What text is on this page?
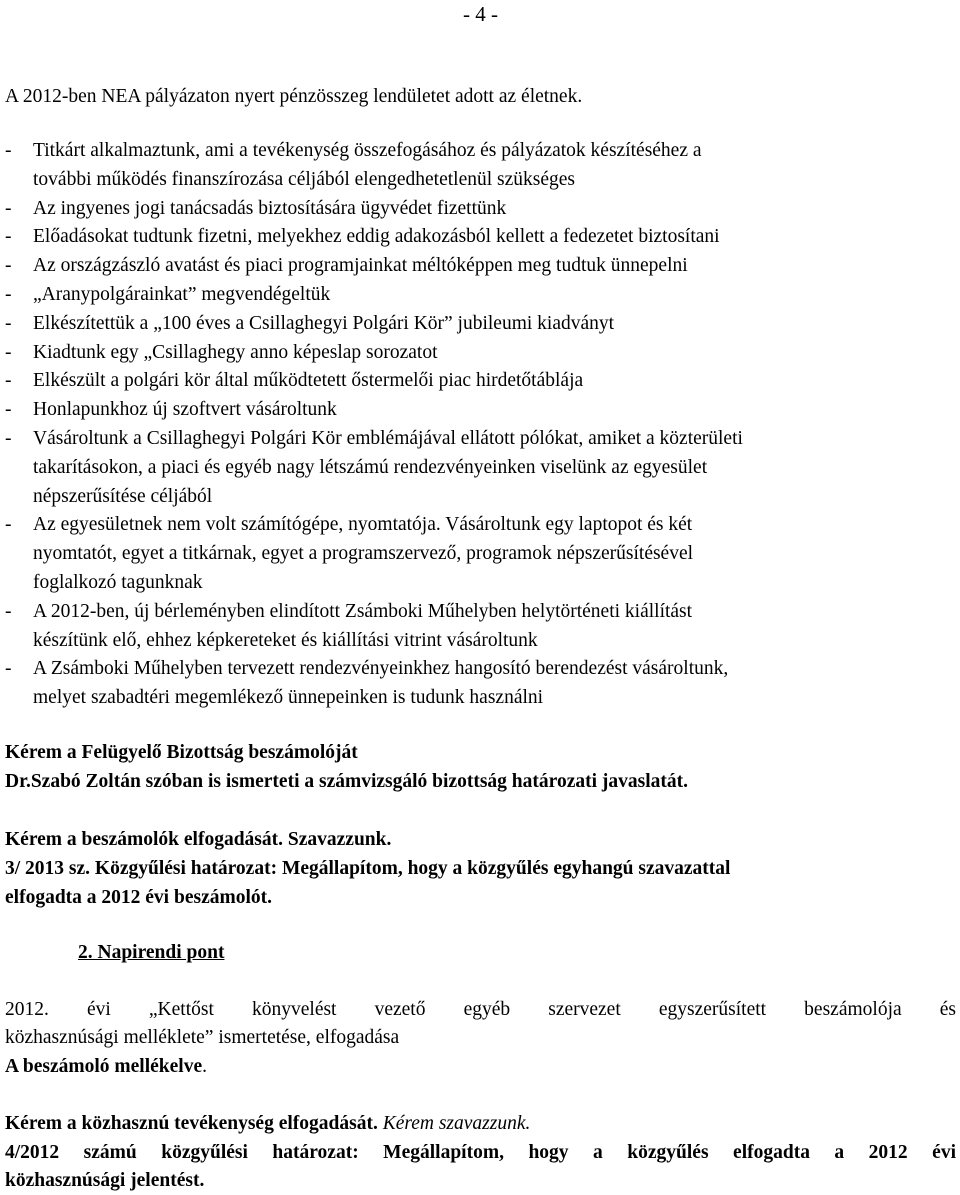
- 4 -
A 2012-ben NEA pályázaton nyert pénzösszeg lendületet adott az életnek.
- Titkárt alkalmaztunk, ami a tevékenység összefogásához és pályázatok készítéséhez a
további működés finanszírozása céljából elengedhetetlenül szükséges
- Az ingyenes jogi tanácsadás biztosítására ügyvédet fizettünk
- Előadásokat tudtunk fizetni, melyekhez eddig adakozásból kellett a fedezetet biztosítani
- Az országzászló avatást és piaci programjainkat méltóképpen meg tudtuk ünnepelni
- „Aranypolgárainkat” megvendégeltük
- Elkészítettük a „100 éves a Csillaghegyi Polgári Kör” jubileumi kiadványt
- Kiadtunk egy „Csillaghegy anno képeslap sorozatot
- Elkészült a polgári kör által működtetett őstermelői piac hirdetőtáblája
- Honlapunkhoz új szoftvert vásároltunk
- Vásároltunk a Csillaghegyi Polgári Kör emblémájával ellátott pólókat, amiket a közterületi
takarításokon, a piaci és egyéb nagy létszámú rendezvényeinken viselünk az egyesület
népszerűsítése céljából
- Az egyesületnek nem volt számítógépe, nyomtatója. Vásároltunk egy laptopot és két
nyomtatót, egyet a titkárnak, egyet a programszervező, programok népszerűsítésével
foglalkozó tagunknak
- A 2012-ben, új bérleményben elindított Zsámboki Műhelyben helytörténeti kiállítást
készítünk elő, ehhez képkereteket és kiállítási vitrint vásároltunk
- A Zsámboki Műhelyben tervezett rendezvényeinkhez hangosító berendezést vásároltunk,
melyet szabadtéri megemlékező ünnepeinken is tudunk használni
Kérem a Felügyelő Bizottság beszámolóját
Dr.Szabó Zoltán szóban is ismerteti a számvizsgáló bizottság határozati javaslatát.
Kérem a beszámolók elfogadását. Szavazzunk.
3/ 2013 sz. Közgyűlési határozat: Megállapítom, hogy a közgyűlés egyhangú szavazattal
elfogadta a 2012 évi beszámolót.
2. Napirendi pont
2012. évi „Kettőst könyvelést vezető egyéb szervezet egyszerűsített beszámolója és
közhasznúsági melléklete” ismertetése, elfogadása
A beszámoló mellékelve.
Kérem a közhasznú tevékenység elfogadását. Kérem szavazzunk.
4/2012 számú közgyűlési határozat: Megállapítom, hogy a közgyűlés elfogadta a 2012 évi
közhasznúsági jelentést.
